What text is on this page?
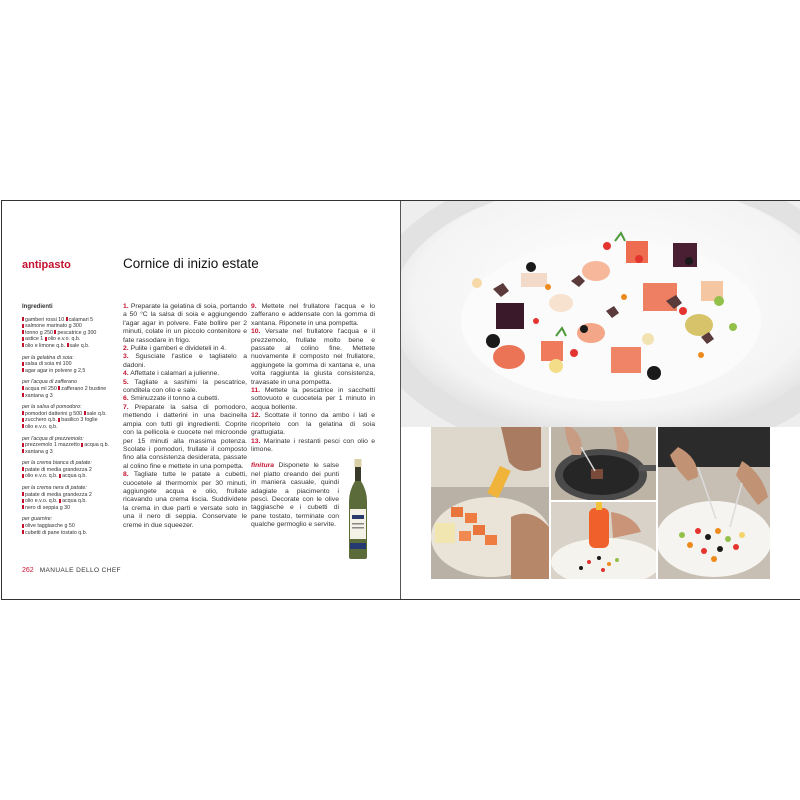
antipasto	Cornice di inizio estate
Ingredienti
gamberi rossi 10 calamari 5 salmone marinato g 300 tonno g 250 pescatrice g 300 astice 1 olio e.v.o. q.b. olio e limone q.b. sale q.b.
per la gelatina di soia:
salsa di soia ml 100 agar agar in polvere g 2,5
per l'acqua di zafferano
acqua ml 250 zafferano 2 bustine xantana g 3
per la salsa di pomodoro:
pomodori datterini g 500 sale q.b. zucchero q.b. basilico 3 foglie olio e.v.o. q.b.
per l'acqua di prezzemolo:
prezzemolo 1 mazzetto acqua q.b. xantana g 3
per la crema bianca di patate:
patate di media grandezza 2 olio e.v.o. q.b. acqua q.b.
per la crema nera di patate:
patate di media grandezza 2 olio e.v.o. q.b. acqua q.b. nero di seppia g 30
per guarnire:
olive taggiasche g 50 cubetti di pane tostato q.b.

1. Preparate la gelatina di soia, portando a 50 °C la salsa di soia e aggiungendo l'agar agar in polvere. Fate bollire per 2 minuti, colate in un piccolo contenitore e fate rassodare in frigo.

2. Pulite i gamberi e divideteli in 4.

3. Sgusciate l'astice e tagliatelo a dadoni.

4. Affettate i calamari a julienne.

5. Tagliate a sashimi la pescatrice, conditela con olio e sale.

6. Sminuzzate il tonno a cubetti.

7. Preparate la salsa di pomodoro, mettendo i datterini in una bacinella ampia con tutti gli ingredienti. Coprite con la pellicola e cuocete nel microonde per 15 minuti alla massima potenza. Scolate i pomodori, frullate il composto fino alla consistenza desiderata, passate al colino fine e mettete in una pompetta.

8. Tagliate tutte le patate a cubetti, cuocetele al thermomix per 30 minuti, aggiungete acqua e olio, frullate ricavando una crema liscia. Suddividete la crema in due parti e versate solo in una il nero di seppia. Conservate le creme in due squeezer.

9. Mettete nel frullatore l'acqua e lo zafferano e addensate con la gomma di xantana. Riponete in una pompetta.

10. Versate nel frullatore l'acqua e il prezzemolo, frullate molto bene e passate al colino fine. Mettete nuovamente il composto nel frullatore, aggiungete la gomma di xantana e, una volta raggiunta la giusta consistenza, travasate in una pompetta.

11. Mettete la pescatrice in sacchetti sottovuoto e cuocetela per 1 minuto in acqua bollente.

12. Scottate il tonno da ambo i lati e ricopritelo con la gelatina di soia grattugiata.

13. Marinate i restanti pesci con olio e limone.

finitura Disponete le salse nel piatto creando dei punti in maniera casuale, quindi adagiate a piacimento i pesci. Decorate con le olive taggiasche e i cubetti di pane tostato, terminate con qualche germoglio e servite.

262 MANUALE DELLO CHEF
